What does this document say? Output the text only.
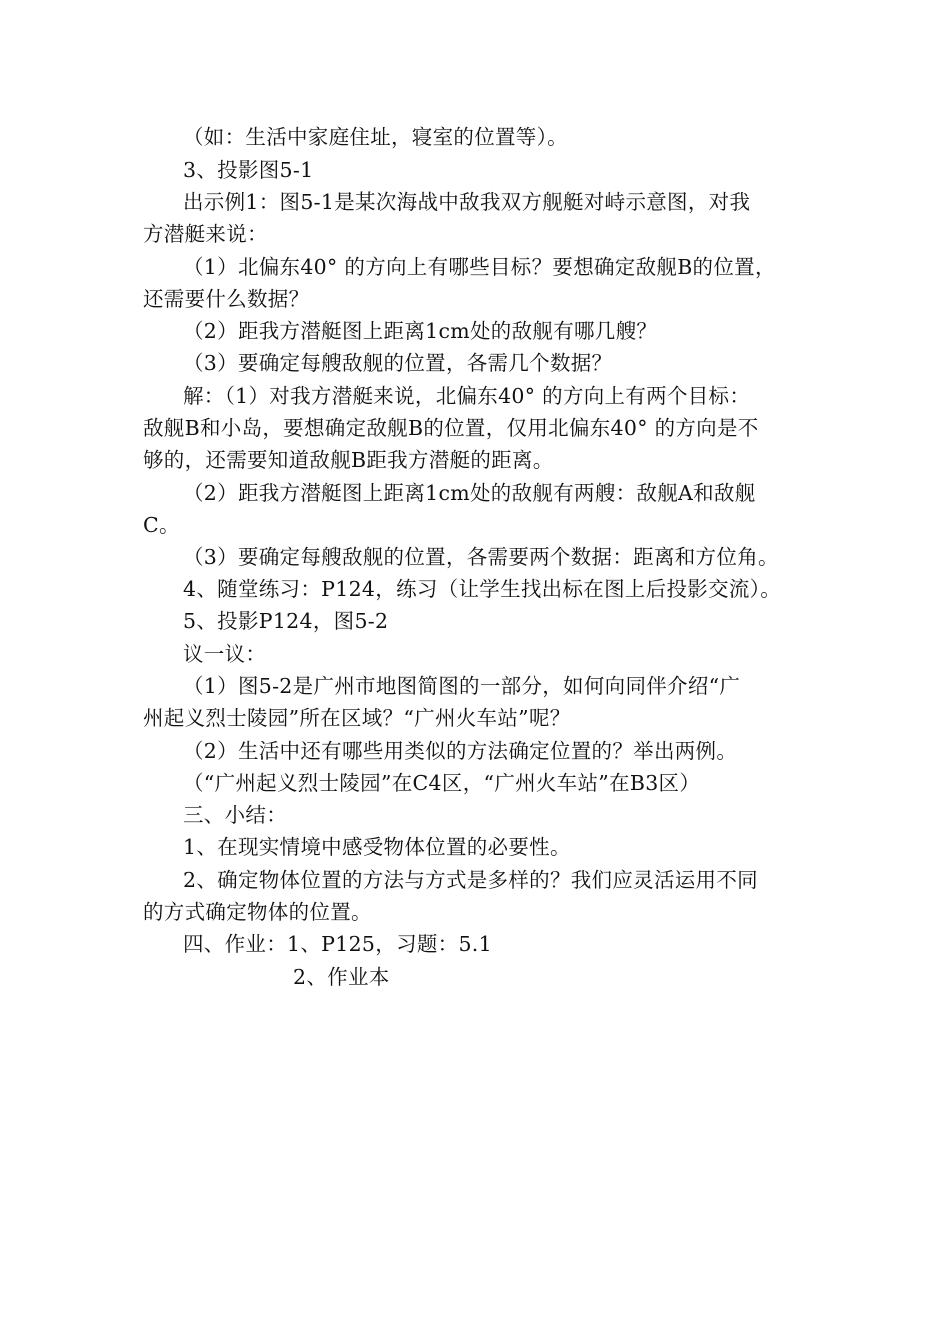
（如：生活中家庭住址，寝室的位置等）。
3、投影图5-1
出示例1：图5-1是某次海战中敌我双方舰艇对峙示意图，对我
方潜艇来说：
（1）北偏东40° 的方向上有哪些目标？要想确定敌舰B的位置，
还需要什么数据？
（2）距我方潜艇图上距离1cm处的敌舰有哪几艘？
（3）要确定每艘敌舰的位置，各需几个数据？
解：（1）对我方潜艇来说，北偏东40° 的方向上有两个目标：
敌舰B和小岛，要想确定敌舰B的位置，仅用北偏东40° 的方向是不
够的，还需要知道敌舰B距我方潜艇的距离。
（2）距我方潜艇图上距离1cm处的敌舰有两艘：敌舰A和敌舰
C。
（3）要确定每艘敌舰的位置，各需要两个数据：距离和方位角。
4、随堂练习：P124，练习（让学生找出标在图上后投影交流）。
5、投影P124，图5-2
议一议：
（1）图5-2是广州市地图简图的一部分，如何向同伴介绍“广
州起义烈士陵园”所在区域？“广州火车站”呢？
（2）生活中还有哪些用类似的方法确定位置的？举出两例。
（“广州起义烈士陵园”在C4区，“广州火车站”在B3区）
三、小结：
1、在现实情境中感受物体位置的必要性。
2、确定物体位置的方法与方式是多样的？我们应灵活运用不同
的方式确定物体的位置。
四、作业：1、P125，习题：5.1
2、作业本
